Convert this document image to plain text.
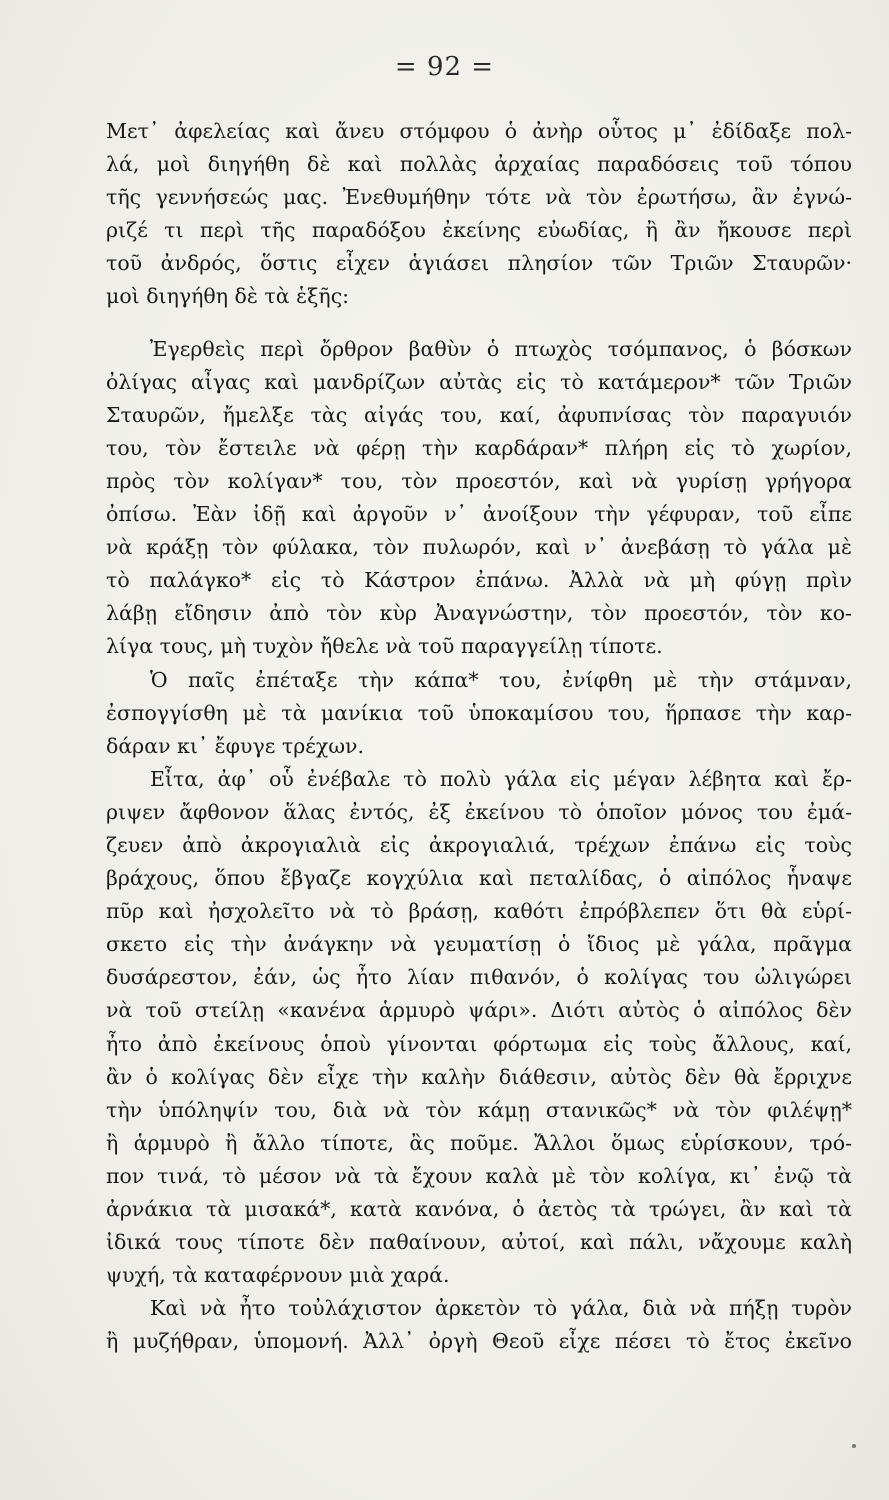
= 92 =
Μετ᾽ ἀφελείας καὶ ἄνευ στόμφου ὁ ἀνὴρ οὗτος μ᾽ ἐδίδαξε πολ-
λά, μοὶ διηγήθη δὲ καὶ πολλὰς ἀρχαίας παραδόσεις τοῦ τόπου
τῆς γεννήσεώς μας. Ἐνεθυμήθην τότε νὰ τὸν ἐρωτήσω, ἂν ἐγνώ-
ριζέ τι περὶ τῆς παραδόξου ἐκείνης εὐωδίας, ἢ ἂν ἤκουσε περὶ
τοῦ ἀνδρός, ὅστις εἶχεν ἁγιάσει πλησίον τῶν Τριῶν Σταυρῶν·
μοὶ διηγήθη δὲ τὰ ἑξῆς:
Ἐγερθεὶς περὶ ὄρθρον βαθὺν ὁ πτωχὸς τσόμπανος, ὁ βόσκων
ὀλίγας αἶγας καὶ μανδρίζων αὐτὰς εἰς τὸ κατάμερον* τῶν Τριῶν
Σταυρῶν, ἤμελξε τὰς αἰγάς του, καί, ἀφυπνίσας τὸν παραγυιόν
του, τὸν ἔστειλε νὰ φέρῃ τὴν καρδάραν* πλήρη εἰς τὸ χωρίον,
πρὸς τὸν κολίγαν* του, τὸν προεστόν, καὶ νὰ γυρίσῃ γρήγορα
ὀπίσω. Ἐὰν ἰδῇ καὶ ἀργοῦν ν᾽ ἀνοίξουν τὴν γέφυραν, τοῦ εἶπε
νὰ κράξῃ τὸν φύλακα, τὸν πυλωρόν, καὶ ν᾽ ἀνεβάσῃ τὸ γάλα μὲ
τὸ παλάγκο* εἰς τὸ Κάστρον ἐπάνω. Ἀλλὰ νὰ μὴ φύγῃ πρὶν
λάβῃ εἴδησιν ἀπὸ τὸν κὺρ Ἀναγνώστην, τὸν προεστόν, τὸν κο-
λίγα τους, μὴ τυχὸν ἤθελε νὰ τοῦ παραγγείλῃ τίποτε.
Ὁ παῖς ἐπέταξε τὴν κάπα* του, ἐνίφθη μὲ τὴν στάμναν,
ἐσπογγίσθη μὲ τὰ μανίκια τοῦ ὑποκαμίσου του, ἥρπασε τὴν καρ-
δάραν κι᾽ ἔφυγε τρέχων.
Εἶτα, ἀφ᾽ οὗ ἐνέβαλε τὸ πολὺ γάλα εἰς μέγαν λέβητα καὶ ἔρ-
ριψεν ἄφθονον ἅλας ἐντός, ἐξ ἐκείνου τὸ ὁποῖον μόνος του ἐμά-
ζευεν ἀπὸ ἀκρογιαλιὰ εἰς ἀκρογιαλιά, τρέχων ἐπάνω εἰς τοὺς
βράχους, ὅπου ἔβγαζε κογχύλια καὶ πεταλίδας, ὁ αἰπόλος ἧναψε
πῦρ καὶ ἠσχολεῖτο νὰ τὸ βράσῃ, καθότι ἐπρόβλεπεν ὅτι θὰ εὑρί-
σκετο εἰς τὴν ἀνάγκην νὰ γευματίσῃ ὁ ἴδιος μὲ γάλα, πρᾶγμα
δυσάρεστον, ἐάν, ὡς ἦτο λίαν πιθανόν, ὁ κολίγας του ὠλιγώρει
νὰ τοῦ στείλῃ «κανένα ἁρμυρὸ ψάρι». Διότι αὐτὸς ὁ αἰπόλος δὲν
ἦτο ἀπὸ ἐκείνους ὁποὺ γίνονται φόρτωμα εἰς τοὺς ἄλλους, καί,
ἂν ὁ κολίγας δὲν εἶχε τὴν καλὴν διάθεσιν, αὐτὸς δὲν θὰ ἔρριχνε
τὴν ὑπόληψίν του, διὰ νὰ τὸν κάμῃ στανικῶς* νὰ τὸν φιλέψῃ*
ἢ ἁρμυρὸ ἢ ἄλλο τίποτε, ἂς ποῦμε. Ἄλλοι ὅμως εὑρίσκουν, τρό-
πον τινά, τὸ μέσον νὰ τὰ ἔχουν καλὰ μὲ τὸν κολίγα, κι᾽ ἐνῷ τὰ
ἀρνάκια τὰ μισακά*, κατὰ κανόνα, ὁ ἀετὸς τὰ τρώγει, ἂν καὶ τὰ
ἰδικά τους τίποτε δὲν παθαίνουν, αὐτοί, καὶ πάλι, νἄχουμε καλὴ
ψυχή, τὰ καταφέρνουν μιὰ χαρά.
Καὶ νὰ ἦτο τοὐλάχιστον ἀρκετὸν τὸ γάλα, διὰ νὰ πήξῃ τυρὸν
ἢ μυζήθραν, ὑπομονή. Ἀλλ᾽ ὀργὴ Θεοῦ εἶχε πέσει τὸ ἔτος ἐκεῖνο
